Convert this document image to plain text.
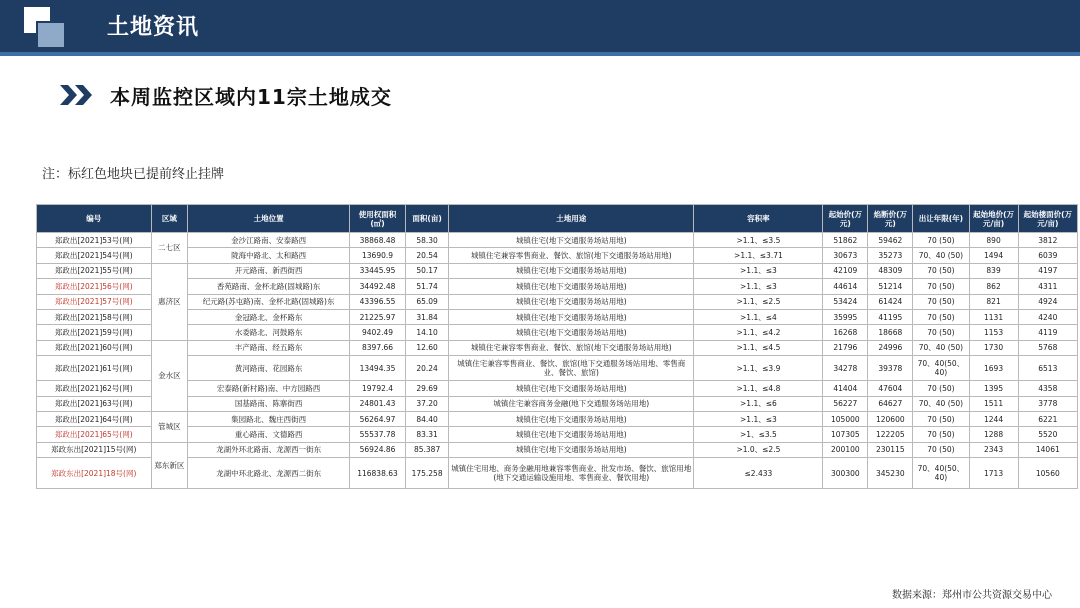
土地资讯
本周监控区域内11宗土地成交
注：标红色地块已提前终止挂牌
编号	区域	土地位置	使用权面积(㎡)	面积(亩)	土地用途	容积率	起始价(万元)	焰断价(万元)	出让年限(年)	起始地价(万元/亩)	起始楼面价(万元/亩)
郑政出[2021]53号(网)	二七区	金沙江路南、安泰路西	38868.48	58.30	城镇住宅(地下交通服务场站用地)	>1.1、≤3.5	51862	59462	70 (50)	890	3812
郑政出[2021]54号(网)		陇海中路北、太和路西	13690.9	20.54	城镇住宅兼容零售商业、餐饮、旅馆(地下交通服务场站用地)	>1.1、≤3.71	30673	35273	70、40 (50)	1494	6039
郑政出[2021]55号(网)	惠济区	开元路南、新西街西	33445.95	50.17	城镇住宅(地下交通服务场站用地)	>1.1、≤3	42109	48309	70 (50)	839	4197
郑政出[2021]56号(网)		香苑路南、金杯北路(固城路)东	34492.48	51.74	城镇住宅(地下交通服务场站用地)	>1.1、≤3	44614	51214	70 (50)	862	4311
郑政出[2021]57号(网)		纪元路(苏屯路)南、金杯北路(固城路)东	43396.55	65.09	城镇住宅(地下交通服务场站用地)	>1.1、≤2.5	53424	61424	70 (50)	821	4924
郑政出[2021]58号(网)		金冠路北、金杯路东	21225.97	31.84	城镇住宅(地下交通服务场站用地)	>1.1、≤4	35995	41195	70 (50)	1131	4240
郑政出[2021]59号(网)		水委路北、河鼓路东	9402.49	14.10	城镇住宅(地下交通服务场站用地)	>1.1、≤4.2	16268	18668	70 (50)	1153	4119
郑政出[2021]60号(网)	金水区	丰产路南、经五路东	8397.66	12.60	城镇住宅兼容零售商业、餐饮、旅馆(地下交通服务场站用地)	>1.1、≤4.5	21796	24996	70、40 (50)	1730	5768
郑政出[2021]61号(网)		黄河路南、花园路东	13494.35	20.24	城镇住宅兼容零售商业、餐饮、旅馆(地下交通服务场站用地、零售商业、餐饮、旅馆)	>1.1、≤3.9	34278	39378	70、40(50、40)	1693	6513
郑政出[2021]62号(网)		宏泰路(新村路)南、中方园路西	19792.4	29.69	城镇住宅(地下交通服务场站用地)	>1.1、≤4.8	41404	47604	70 (50)	1395	4358
郑政出[2021]63号(网)		国基路南、陈寨街西	24801.43	37.20	城镇住宅兼容商务金融(地下交通服务场站用地)	>1.1、≤6	56227	64627	70、40 (50)	1511	3778
郑政出[2021]64号(网)	管城区	集园路北、魏庄西街西	56264.97	84.40	城镇住宅(地下交通服务场站用地)	>1.1、≤3	105000	120600	70 (50)	1244	6221
郑政出[2021]65号(网)		重心路南、文德路西	55537.78	83.31	城镇住宅(地下交通服务场站用地)	>1、≤3.5	107305	122205	70 (50)	1288	5520
郑政东出[2021]15号(网)	郑东新区	龙湖外环北路南、龙源西一街东	56924.86	85.387	城镇住宅(地下交通服务场站用地)	>1.0、≤2.5	200100	230115	70 (50)	2343	14061
郑政东出[2021]18号(网)		龙湖中环北路北、龙源西二街东	116838.63	175.258	城镇住宅用地、商务金融用地兼容零售商业、批发市场、餐饮、旅馆用地(地下交通运输设施用地、零售商业、餐饮用地)	≤2.433	300300	345230	70、40(50、40)	1713	10560
数据来源：郑州市公共资源交易中心
